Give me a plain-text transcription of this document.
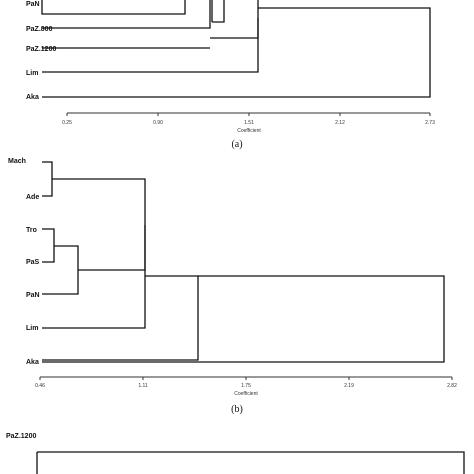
PaN
PaZ.800
PaZ.1200
Lim
Aka
0.25	0.90	1.51	2.12	2.73
Coefficient
(a)
Mach
Ade
Tro
PaS
PaN
Lim
Aka
0.46	1.11	1.75	2.19	2.82
Coefficient
(b)
PaZ.1200
